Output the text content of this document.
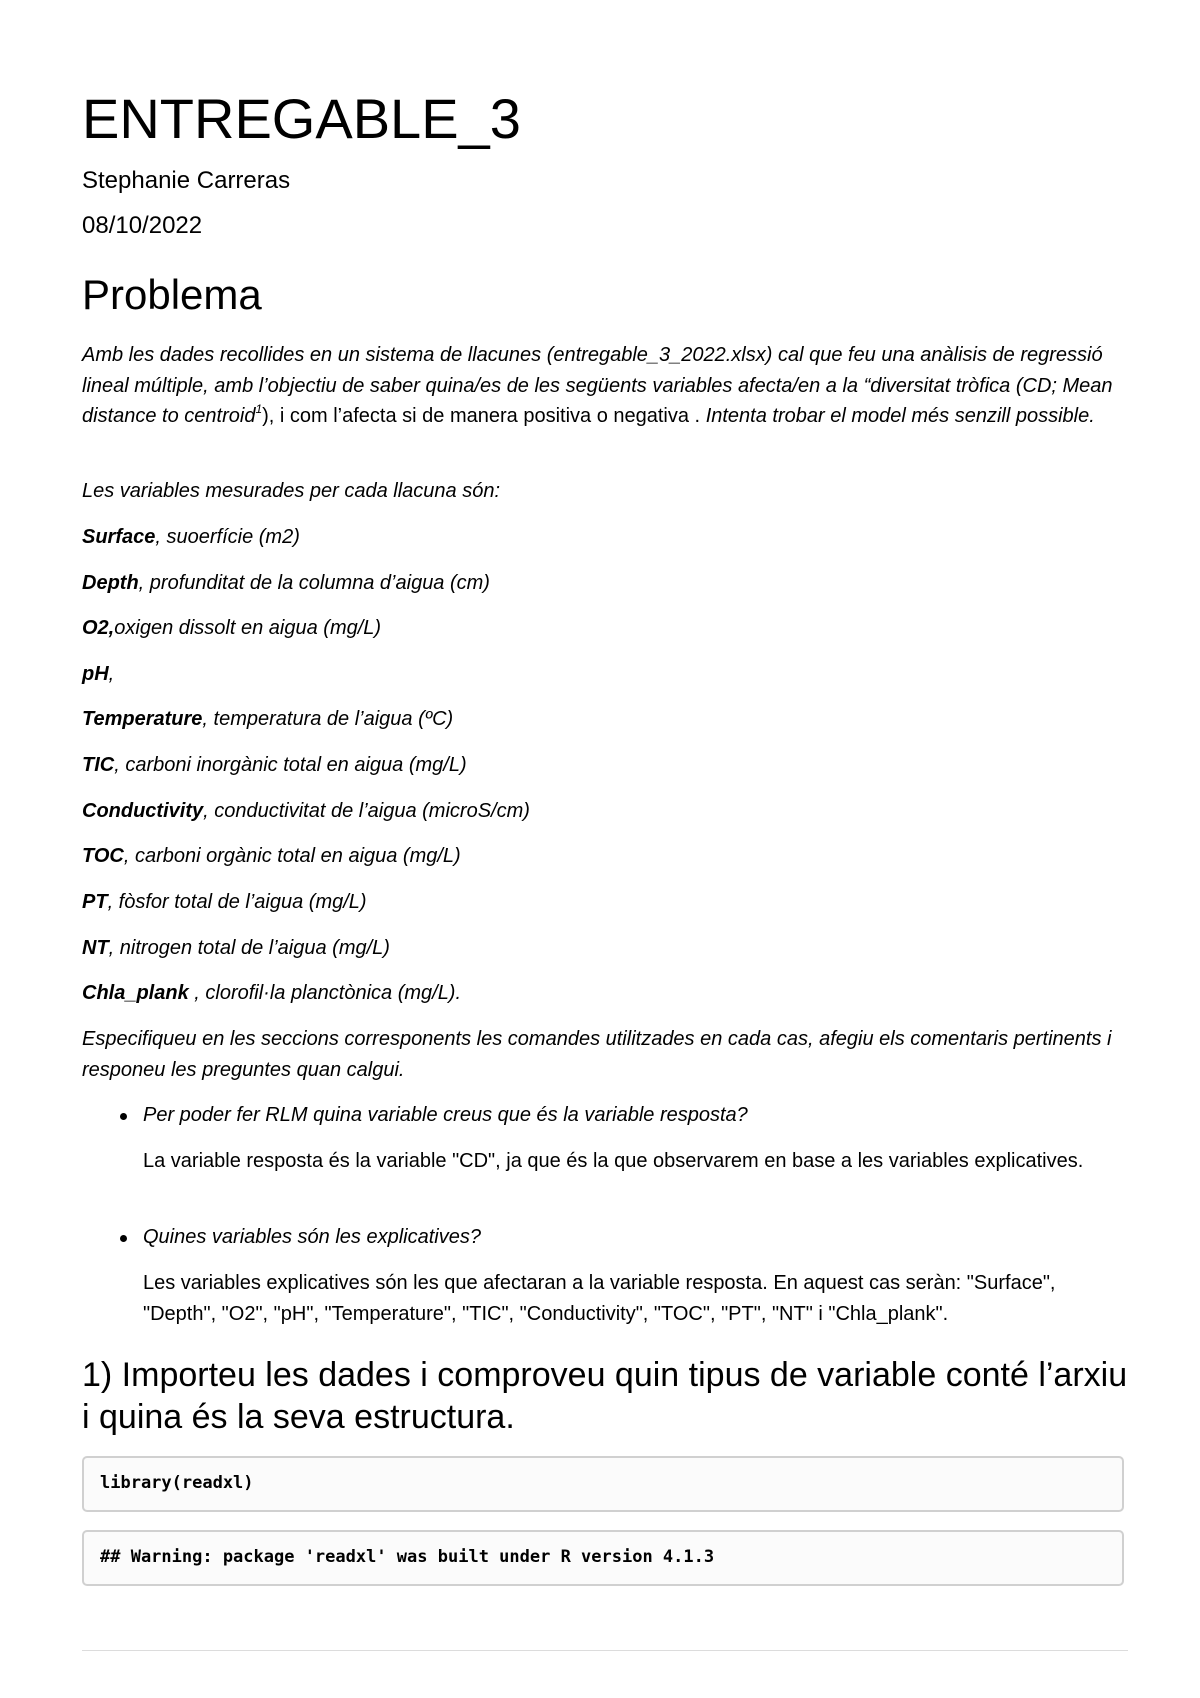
ENTREGABLE_3
Stephanie Carreras
08/10/2022
Problema

Amb les dades recollides en un sistema de llacunes (entregable_3_2022.xlsx) cal que feu una anàlisis de regressió lineal múltiple, amb l’objectiu de saber quina/es de les següents variables afecta/en a la “diversitat tròfica (CD; Mean distance to centroid$^1$), i com l’afecta si de manera positiva o negativa . Intenta trobar el model més senzill possible.

Les variables mesurades per cada llacuna són:

Surface, suoerfície (m2)

Depth, profunditat de la columna d’aigua (cm)

O2,oxigen dissolt en aigua (mg/L)

pH,

Temperature, temperatura de l’aigua (ºC)

TIC, carboni inorgànic total en aigua (mg/L)

Conductivity, conductivitat de l’aigua (microS/cm)

TOC, carboni orgànic total en aigua (mg/L)

PT, fòsfor total de l’aigua (mg/L)

NT, nitrogen total de l’aigua (mg/L)

Chla_plank , clorofil·la planctònica (mg/L).

Especifiqueu en les seccions corresponents les comandes utilitzades en cada cas, afegiu els comentaris pertinents i responeu les preguntes quan calgui.

Per poder fer RLM quina variable creus que és la variable resposta?

La variable resposta és la variable "CD", ja que és la que observarem en base a les variables explicatives.

Quines variables són les explicatives?

Les variables explicatives són les que afectaran a la variable resposta. En aquest cas seràn: "Surface", "Depth", "O2", "pH", "Temperature", "TIC", "Conductivity", "TOC", "PT", "NT" i "Chla_plank".

1) Importeu les dades i comproveu quin tipus de variable conté l’arxiu i quina és la seva estructura.
library(readxl)
## Warning: package 'readxl' was built under R version 4.1.3
